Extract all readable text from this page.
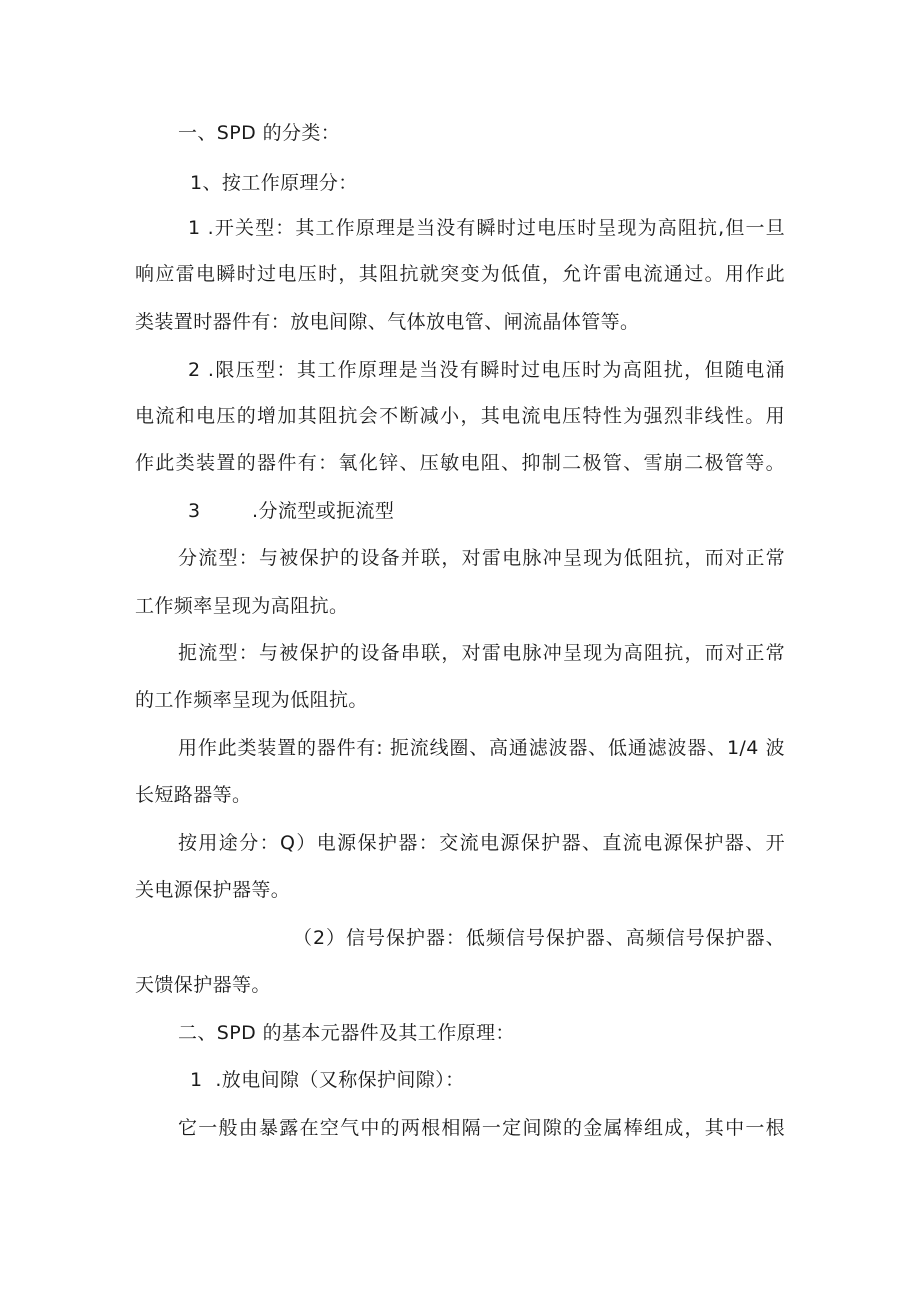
一、SPD 的分类：
1、按工作原理分：
1 .开关型：其工作原理是当没有瞬时过电压时呈现为高阻抗,但一旦
响应雷电瞬时过电压时，其阻抗就突变为低值，允许雷电流通过。用作此
类装置时器件有：放电间隙、气体放电管、闸流晶体管等。
2 .限压型：其工作原理是当没有瞬时过电压时为高阻扰，但随电涌
电流和电压的增加其阻抗会不断减小，其电流电压特性为强烈非线性。用
作此类装置的器件有：氧化锌、压敏电阻、抑制二极管、雪崩二极管等。
3        .分流型或扼流型
分流型：与被保护的设备并联，对雷电脉冲呈现为低阻抗，而对正常
工作频率呈现为高阻抗。
扼流型：与被保护的设备串联，对雷电脉冲呈现为高阻抗，而对正常
的工作频率呈现为低阻抗。
用作此类装置的器件有: 扼流线圈、高通滤波器、低通滤波器、1/4 波
长短路器等。
按用途分：Q）电源保护器：交流电源保护器、直流电源保护器、开
关电源保护器等。
（2）信号保护器：低频信号保护器、高频信号保护器、
天馈保护器等。
二、SPD 的基本元器件及其工作原理：
1  .放电间隙（又称保护间隙）：
它一般由暴露在空气中的两根相隔一定间隙的金属棒组成，其中一根
